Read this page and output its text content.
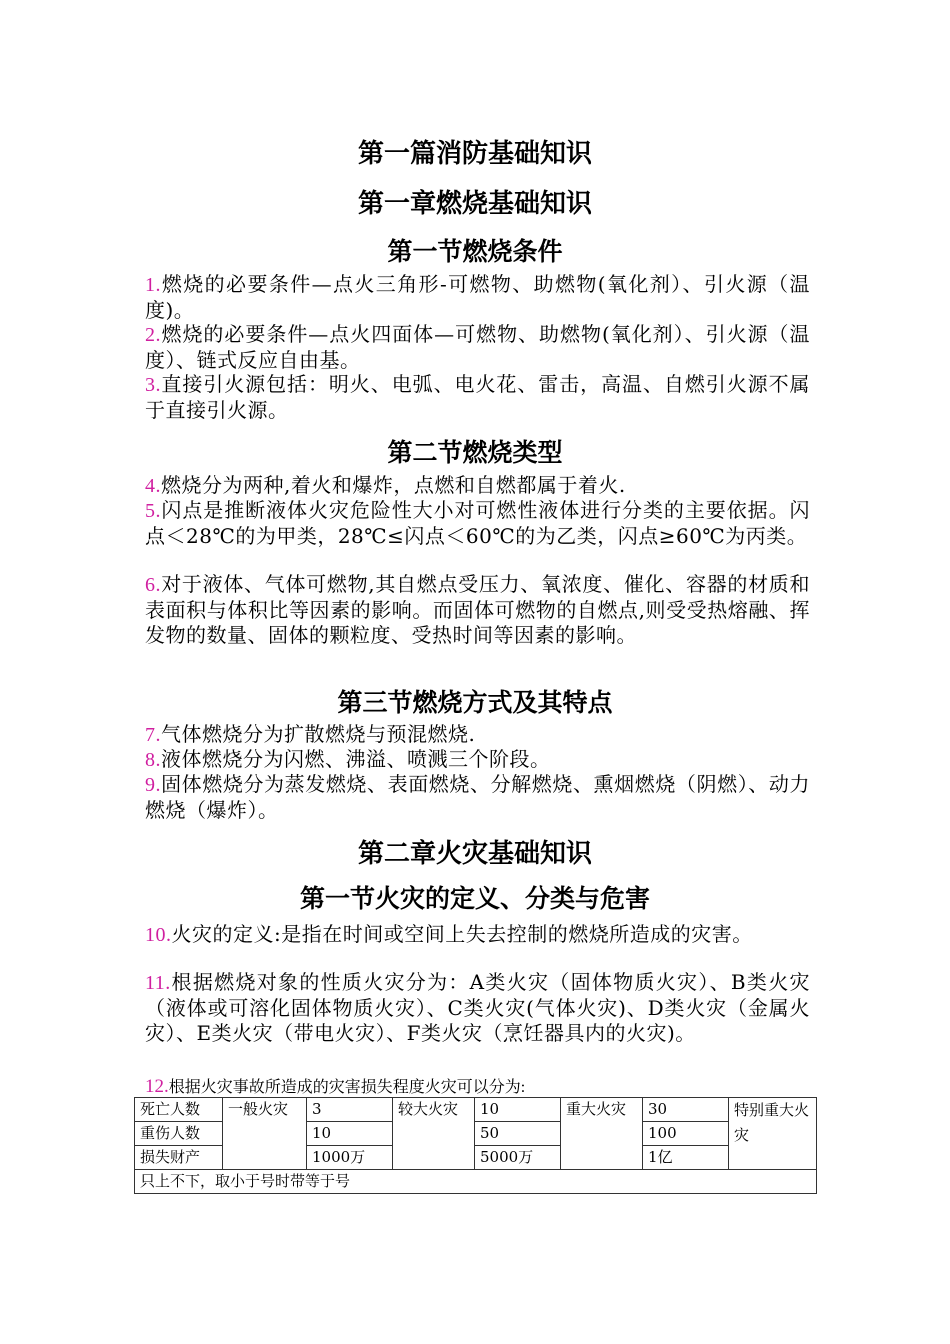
第一篇消防基础知识
第一章燃烧基础知识
第一节燃烧条件
1.燃烧的必要条件—点火三角形-可燃物、助燃物(氧化剂）、引火源（温度)。
2.燃烧的必要条件—点火四面体—可燃物、助燃物(氧化剂）、引火源（温度）、链式反应自由基。
3.直接引火源包括：明火、电弧、电火花、雷击，高温、自燃引火源不属于直接引火源。
第二节燃烧类型
4.燃烧分为两种,着火和爆炸，点燃和自燃都属于着火.
5.闪点是推断液体火灾危险性大小对可燃性液体进行分类的主要依据。闪点＜28℃的为甲类，28℃≤闪点＜60℃的为乙类，闪点≥60℃为丙类。
6.对于液体、气体可燃物,其自燃点受压力、氧浓度、催化、容器的材质和表面积与体积比等因素的影响。而固体可燃物的自燃点,则受受热熔融、挥发物的数量、固体的颗粒度、受热时间等因素的影响。
第三节燃烧方式及其特点
7.气体燃烧分为扩散燃烧与预混燃烧.
8.液体燃烧分为闪燃、沸溢、喷溅三个阶段。
9.固体燃烧分为蒸发燃烧、表面燃烧、分解燃烧、熏烟燃烧（阴燃）、动力燃烧（爆炸）。
第二章火灾基础知识
第一节火灾的定义、分类与危害
10.火灾的定义:是指在时间或空间上失去控制的燃烧所造成的灾害。
11.根据燃烧对象的性质火灾分为：A类火灾（固体物质火灾）、B类火灾（液体或可溶化固体物质火灾）、C类火灾(气体火灾)、D类火灾（金属火灾）、E类火灾（带电火灾）、F类火灾（烹饪器具内的火灾)。
12.根据火灾事故所造成的灾害损失程度火灾可以分为:
死亡人数	一般火灾	3	较大火灾	10	重大火灾	30	特别重大火灾
重伤人数		10		50		100	
损失财产		1000万		5000万		1亿	
只上不下，取小于号时带等于号							
